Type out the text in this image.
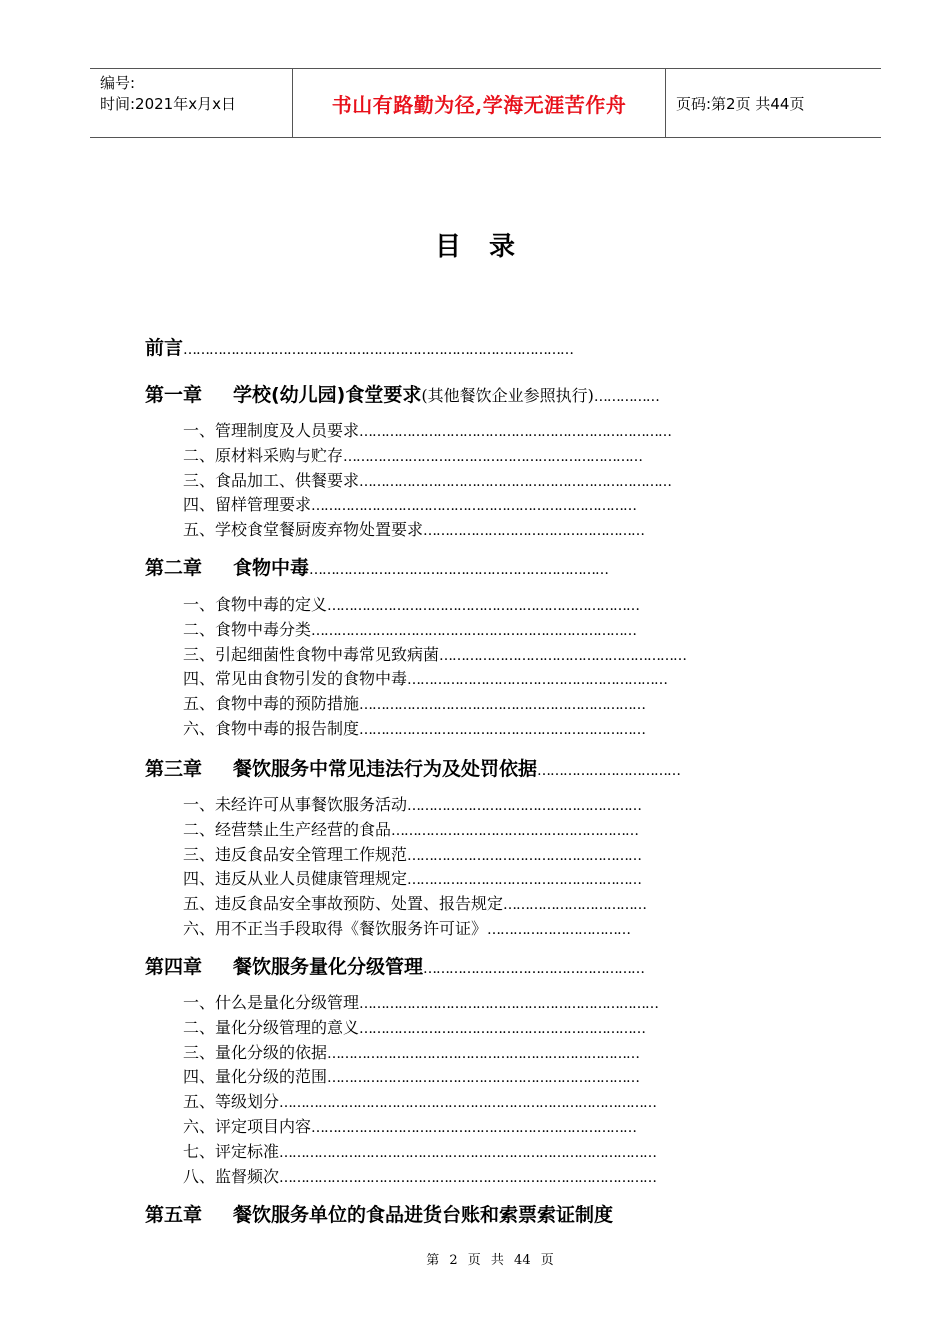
编号:
时间:2021年x月x日	书山有路勤为径,学海无涯苦作舟	页码:第2页 共44页
目录
前言………………………………………………………………………………
第一章 学校(幼儿园)食堂要求(其他餐饮企业参照执行)……………
一、管理制度及人员要求………………………………………………………………
二、原材料采购与贮存……………………………………………………………
三、食品加工、供餐要求………………………………………………………………
四、留样管理要求…………………………………………………………………
五、学校食堂餐厨废弃物处置要求……………………………………………
第二章 食物中毒……………………………………………………………
一、食物中毒的定义………………………………………………………………
二、食物中毒分类…………………………………………………………………
三、引起细菌性食物中毒常见致病菌…………………………………………………
四、常见由食物引发的食物中毒……………………………………………………
五、食物中毒的预防措施…………………………………………………………
六、食物中毒的报告制度…………………………………………………………
第三章 餐饮服务中常见违法行为及处罚依据……………………………
一、未经许可从事餐饮服务活动………………………………………………
二、经营禁止生产经营的食品…………………………………………………
三、违反食品安全管理工作规范………………………………………………
四、违反从业人员健康管理规定………………………………………………
五、违反食品安全事故预防、处置、报告规定……………………………
六、用不正当手段取得《餐饮服务许可证》……………………………
第四章 餐饮服务量化分级管理……………………………………………
一、什么是量化分级管理……………………………………………………………
二、量化分级管理的意义…………………………………………………………
三、量化分级的依据………………………………………………………………
四、量化分级的范围………………………………………………………………
五、等级划分……………………………………………………………………………
六、评定项目内容…………………………………………………………………
七、评定标准……………………………………………………………………………
八、监督频次……………………………………………………………………………
第五章 餐饮服务单位的食品进货台账和索票索证制度
第 2 页 共 44 页
